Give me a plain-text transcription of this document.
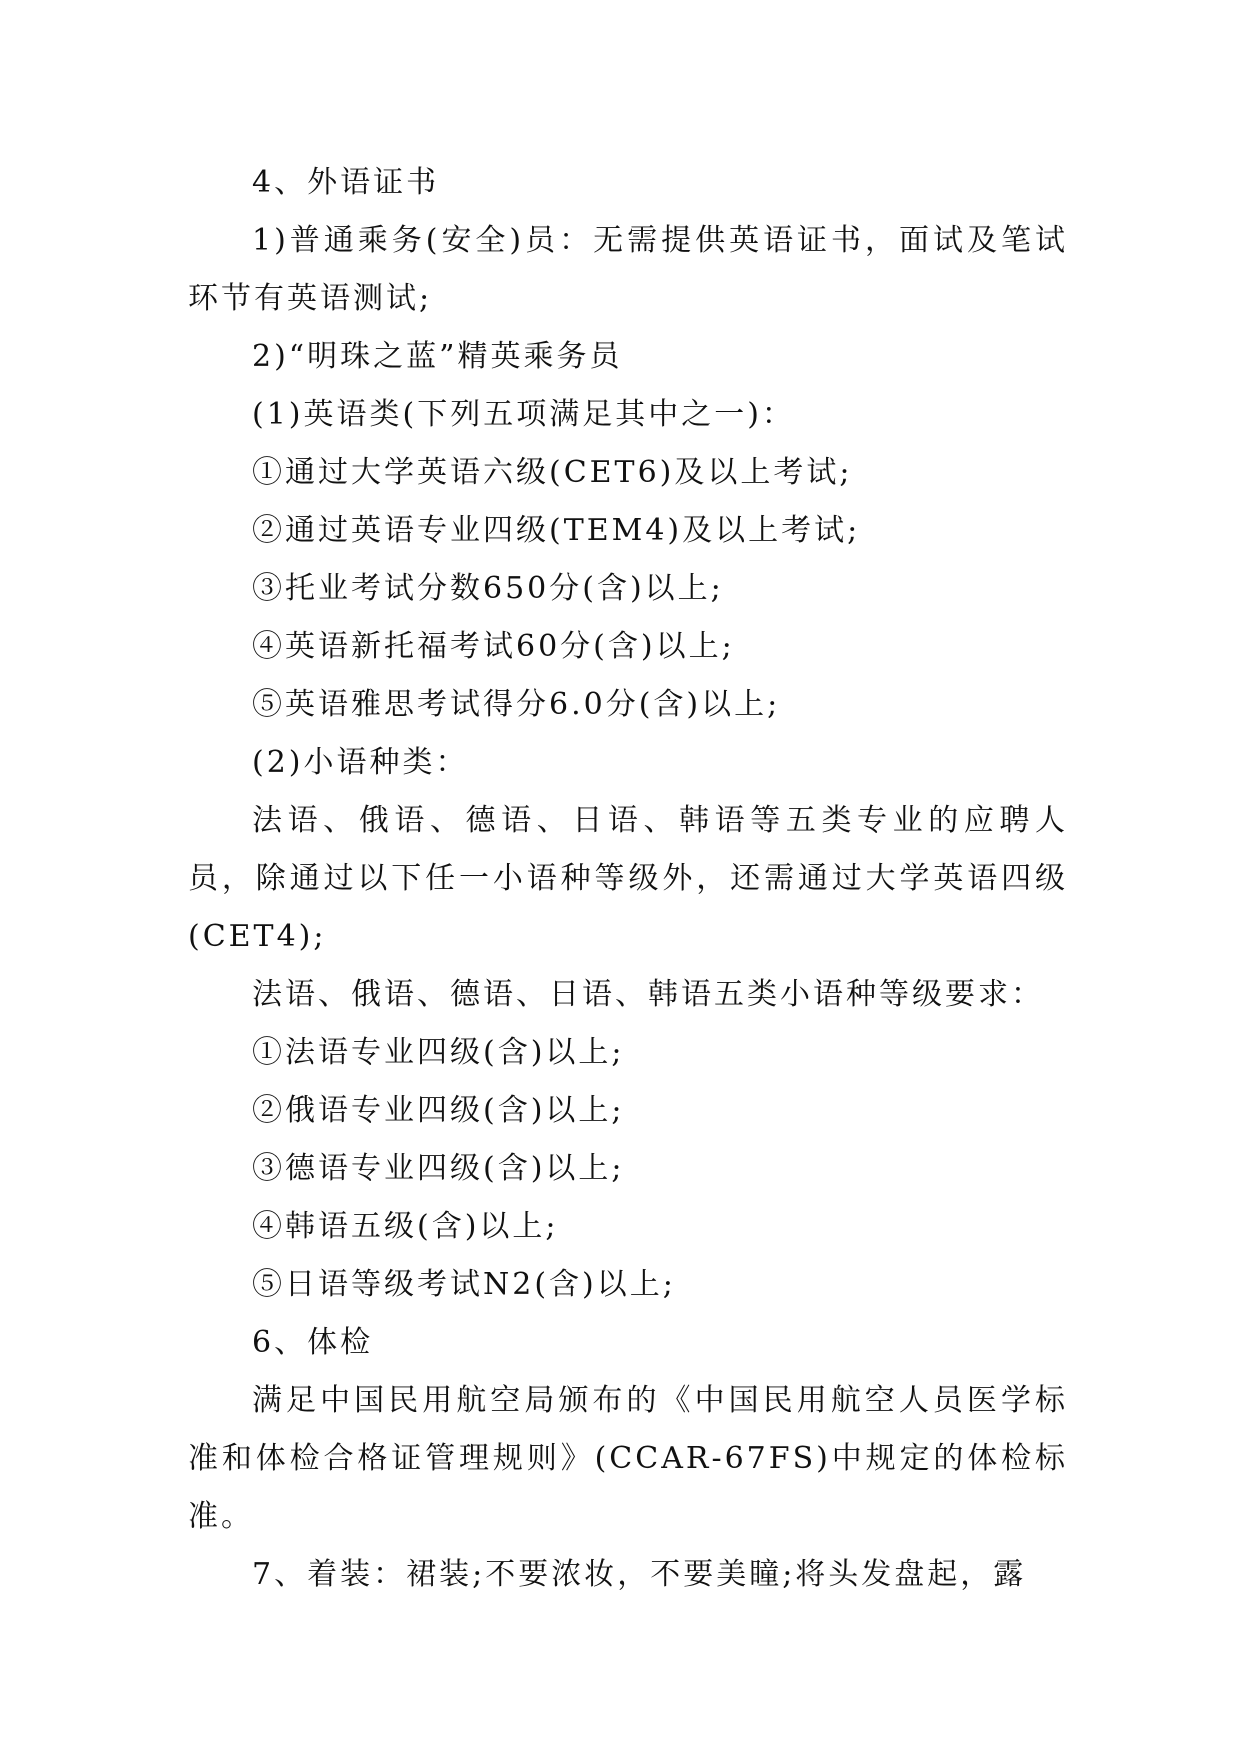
4、外语证书

1)普通乘务(安全)员：无需提供英语证书，面试及笔试环节有英语测试;

2)“明珠之蓝”精英乘务员

(1)英语类(下列五项满足其中之一)：

①通过大学英语六级(CET6)及以上考试;

②通过英语专业四级(TEM4)及以上考试;

③托业考试分数650分(含)以上;

④英语新托福考试60分(含)以上;

⑤英语雅思考试得分6.0分(含)以上;

(2)小语种类：

法语、俄语、德语、日语、韩语等五类专业的应聘人员，除通过以下任一小语种等级外，还需通过大学英语四级(CET4);

法语、俄语、德语、日语、韩语五类小语种等级要求：

①法语专业四级(含)以上;

②俄语专业四级(含)以上;

③德语专业四级(含)以上;

④韩语五级(含)以上;

⑤日语等级考试N2(含)以上;

6、体检

满足中国民用航空局颁布的《中国民用航空人员医学标准和体检合格证管理规则》(CCAR-67FS)中规定的体检标准。

7、着装：裙装;不要浓妆，不要美瞳;将头发盘起，露
